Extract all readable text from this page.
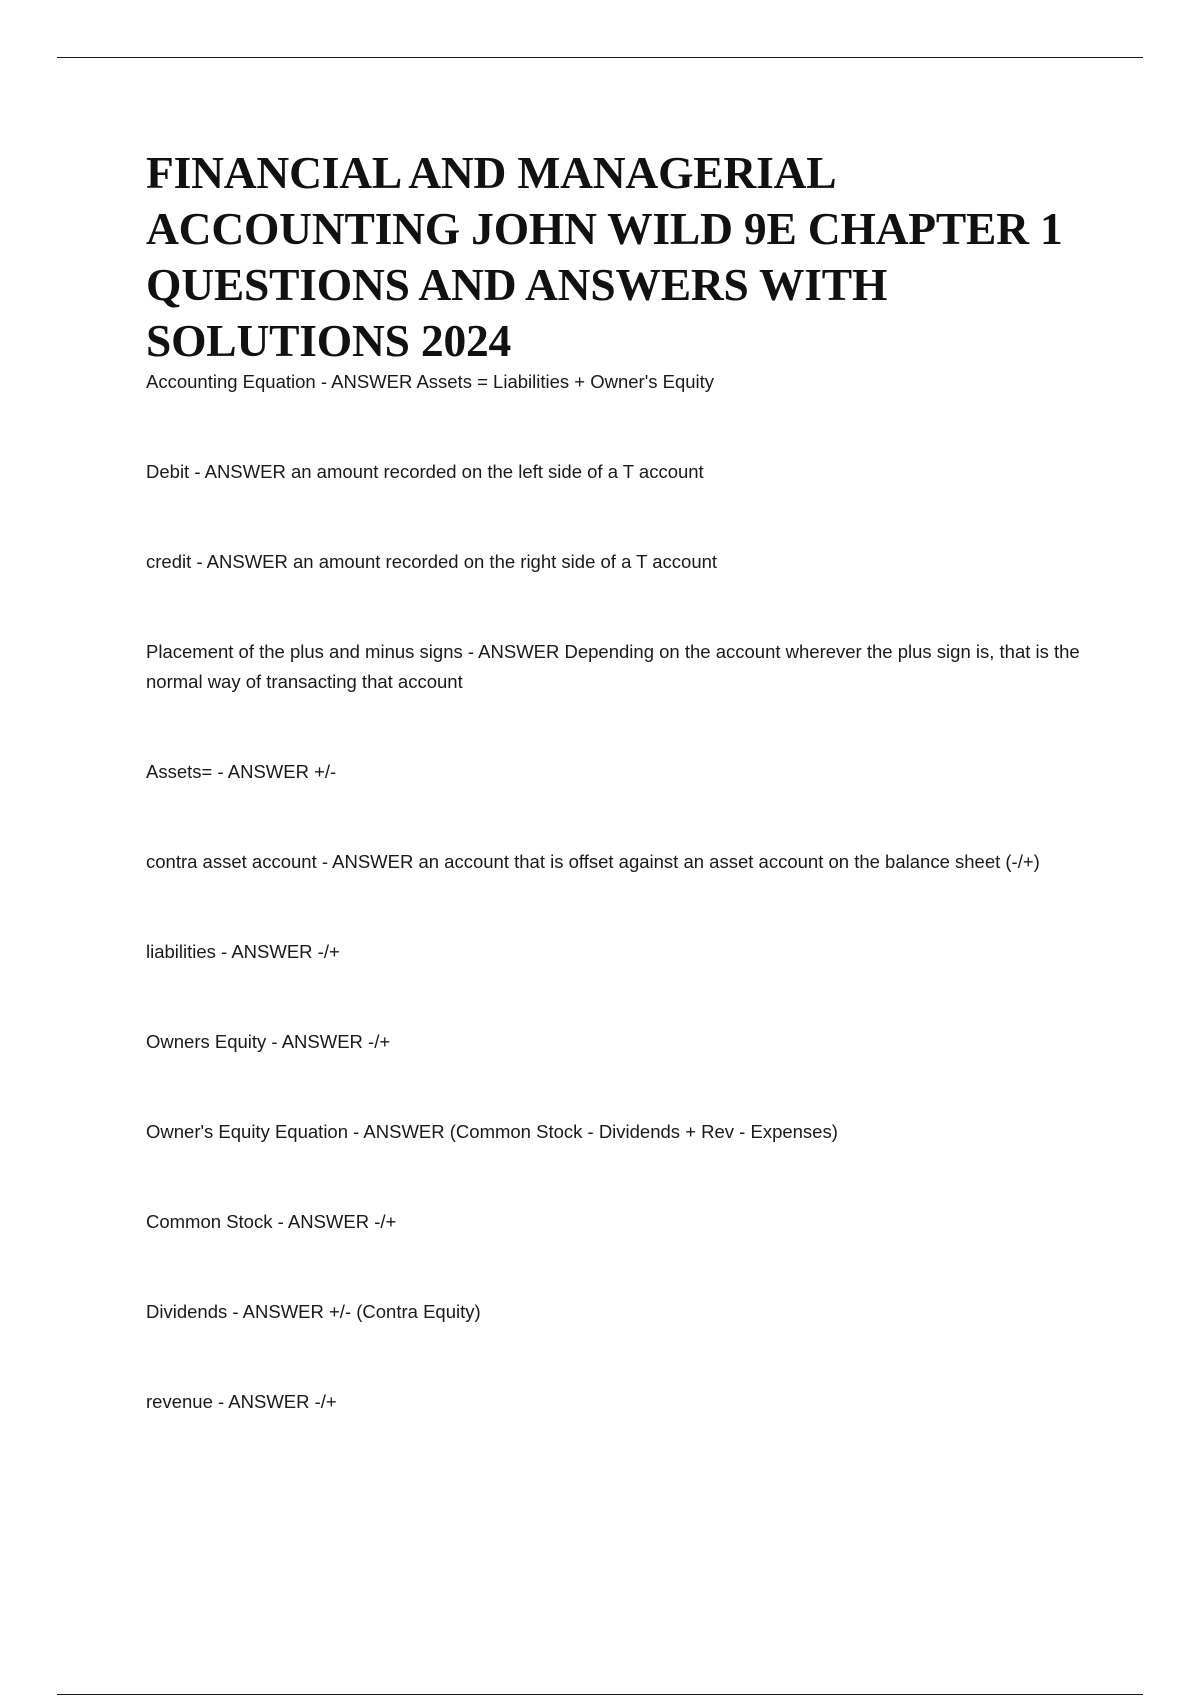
FINANCIAL AND MANAGERIAL ACCOUNTING JOHN WILD 9E CHAPTER 1 QUESTIONS AND ANSWERS WITH SOLUTIONS 2024
Accounting Equation - ANSWER Assets = Liabilities + Owner's Equity
Debit - ANSWER an amount recorded on the left side of a T account
credit - ANSWER an amount recorded on the right side of a T account
Placement of the plus and minus signs - ANSWER Depending on the account wherever the plus sign is, that is the normal way of transacting that account
Assets= - ANSWER +/-
contra asset account - ANSWER an account that is offset against an asset account on the balance sheet (-/+)
liabilities - ANSWER -/+
Owners Equity - ANSWER -/+
Owner's Equity Equation - ANSWER (Common Stock - Dividends + Rev - Expenses)
Common Stock - ANSWER -/+
Dividends - ANSWER +/- (Contra Equity)
revenue - ANSWER -/+
